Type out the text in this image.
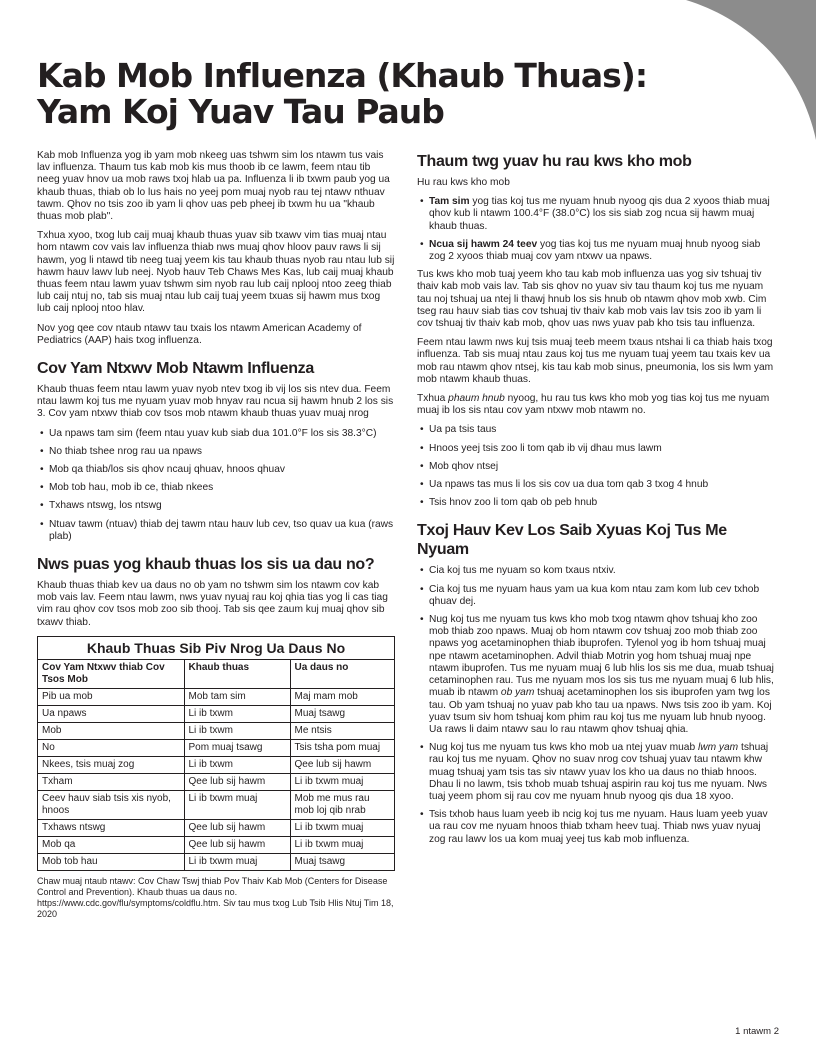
Kab Mob Influenza (Khaub Thuas):
Yam Koj Yuav Tau Paub

Kab mob Influenza yog ib yam mob nkeeg uas tshwm sim los ntawm tus vais lav influenza. Thaum tus kab mob kis mus thoob ib ce lawm, feem ntau tib neeg yuav hnov ua mob raws txoj hlab ua pa. Influenza li ib txwm paub yog ua khaub thuas, thiab ob lo lus hais no yeej pom muaj nyob rau tej ntawv nthuav tawm. Qhov no tsis zoo ib yam li qhov uas peb pheej ib txwm hu ua "khaub thuas mob plab".

Txhua xyoo, txog lub caij muaj khaub thuas yuav sib txawv vim tias muaj ntau hom ntawm cov vais lav influenza thiab nws muaj qhov hloov pauv raws li sij hawm, yog li ntawd tib neeg tuaj yeem kis tau khaub thuas nyob rau ntau lub sij hawm hauv lawv lub neej. Nyob hauv Teb Chaws Mes Kas, lub caij muaj khaub thuas feem ntau lawm yuav tshwm sim nyob rau lub caij nplooj ntoo zeeg thiab lub caij ntuj no, tab sis muaj ntau lub caij tuaj yeem txuas sij hawm mus txog lub caij nplooj ntoo hlav.

Nov yog qee cov ntaub ntawv tau txais los ntawm American Academy of Pediatrics (AAP) hais txog influenza.

Cov Yam Ntxwv Mob Ntawm Influenza

Khaub thuas feem ntau lawm yuav nyob ntev txog ib vij los sis ntev dua. Feem ntau lawm koj tus me nyuam yuav mob hnyav rau ncua sij hawm hnub 2 los sis 3. Cov yam ntxwv thiab cov tsos mob ntawm khaub thuas yuav muaj nrog

• Ua npaws tam sim (feem ntau yuav kub siab dua 101.0°F los sis 38.3°C)
• No thiab tshee nrog rau ua npaws
• Mob qa thiab/los sis qhov ncauj qhuav, hnoos qhuav
• Mob tob hau, mob ib ce, thiab nkees
• Txhaws ntswg, los ntswg
• Ntuav tawm (ntuav) thiab dej tawm ntau hauv lub cev, tso quav ua kua (raws plab)
Nws puas yog khaub thuas los sis ua dau no?

Khaub thuas thiab kev ua daus no ob yam no tshwm sim los ntawm cov kab mob vais lav. Feem ntau lawm, nws yuav nyuaj rau koj qhia tias yog li cas tiag vim rau qhov cov tsos mob zoo sib thooj. Tab sis qee zaum kuj muaj qhov sib txawv thiab.

Khaub Thuas Sib Piv Nrog Ua Daus No
Cov Yam Ntxwv thiab Cov Tsos Mob	Khaub thuas	Ua daus no
Pib ua mob	Mob tam sim	Maj mam mob
Ua npaws	Li ib txwm	Muaj tsawg
Mob	Li ib txwm	Me ntsis
No	Pom muaj tsawg	Tsis tsha pom muaj
Nkees, tsis muaj zog	Li ib txwm	Qee lub sij hawm
Txham	Qee lub sij hawm	Li ib txwm muaj
Ceev hauv siab tsis xis nyob, hnoos	Li ib txwm muaj	Mob me mus rau mob loj qib nrab
Txhaws ntswg	Qee lub sij hawm	Li ib txwm muaj
Mob qa	Qee lub sij hawm	Li ib txwm muaj
Mob tob hau	Li ib txwm muaj	Muaj tsawg
Chaw muaj ntaub ntawv: Cov Chaw Tswj thiab Pov Thaiv Kab Mob (Centers for Disease Control and Prevention). Khaub thuas ua daus no. https://www.cdc.gov/flu/symptoms/coldflu.htm. Siv tau mus txog Lub Tsib Hlis Ntuj Tim 18, 2020
Thaum twg yuav hu rau kws kho mob

Hu rau kws kho mob

• Tam sim yog tias koj tus me nyuam hnub nyoog qis dua 2 xyoos thiab muaj qhov kub li ntawm 100.4°F (38.0°C) los sis siab zog ncua sij hawm muaj khaub thuas.
• Ncua sij hawm 24 teev yog tias koj tus me nyuam muaj hnub nyoog siab zog 2 xyoos thiab muaj cov yam ntxwv ua npaws.

Tus kws kho mob tuaj yeem kho tau kab mob influenza uas yog siv tshuaj tiv thaiv kab mob vais lav. Tab sis qhov no yuav siv tau thaum koj tus me nyuam tau noj tshuaj ua ntej li thawj hnub los sis hnub ob ntawm qhov mob xwb. Cim tseg rau hauv siab tias cov tshuaj tiv thaiv kab mob vais lav tsis zoo ib yam li cov tshuaj tiv thaiv kab mob, qhov uas nws yuav pab kho tsis tau influenza.

Feem ntau lawm nws kuj tsis muaj teeb meem txaus ntshai li ca thiab hais txog influenza. Tab sis muaj ntau zaus koj tus me nyuam tuaj yeem tau txais kev ua mob rau ntawm qhov ntsej, kis tau kab mob sinus, pneumonia, los sis lwm yam mob ntawm khaub thuas.

Txhua phaum hnub nyoog, hu rau tus kws kho mob yog tias koj tus me nyuam muaj ib los sis ntau cov yam ntxwv mob ntawm no.

• Ua pa tsis taus
• Hnoos yeej tsis zoo li tom qab ib vij dhau mus lawm
• Mob qhov ntsej
• Ua npaws tas mus li los sis cov ua dua tom qab 3 txog 4 hnub
• Tsis hnov zoo li tom qab ob peb hnub
Txoj Hauv Kev Los Saib Xyuas Koj Tus Me Nyuam
• Cia koj tus me nyuam so kom txaus ntxiv.
• Cia koj tus me nyuam haus yam ua kua kom ntau zam kom lub cev txhob qhuav dej.
• Nug koj tus me nyuam tus kws kho mob txog ntawm qhov tshuaj kho zoo mob thiab zoo npaws. Muaj ob hom ntawm cov tshuaj zoo mob thiab zoo npaws yog acetaminophen thiab ibuprofen. Tylenol yog ib hom tshuaj muaj npe ntawm acetaminophen. Advil thiab Motrin yog hom tshuaj muaj npe ntawm ibuprofen. Tus me nyuam muaj 6 lub hlis los sis me dua, muab tshuaj cetaminophen rau. Tus me nyuam mos los sis tus me nyuam muaj 6 lub hlis, muab ib ntawm ob yam tshuaj acetaminophen los sis ibuprofen yam twg los tau. Ob yam tshuaj no yuav pab kho tau ua npaws. Nws tsis zoo ib yam. Koj yuav tsum siv hom tshuaj kom phim rau koj tus me nyuam lub hnub nyoog. Ua raws li daim ntawv sau lo rau ntawm qhov tshuaj qhia.
• Nug koj tus me nyuam tus kws kho mob ua ntej yuav muab lwm yam tshuaj rau koj tus me nyuam. Qhov no suav nrog cov tshuaj yuav tau ntawm khw muag tshuaj yam tsis tas siv ntawv yuav los kho ua daus no thiab hnoos. Dhau li no lawm, tsis txhob muab tshuaj aspirin rau koj tus me nyuam. Nws tuaj yeem phom sij rau cov me nyuam hnub nyoog qis dua 18 xyoo.
• Tsis txhob haus luam yeeb ib ncig koj tus me nyuam. Haus luam yeeb yuav ua rau cov me nyuam hnoos thiab txham heev tuaj. Thiab nws yuav nyuaj zog rau lawv los ua kom muaj yeej tus kab mob influenza.
1 ntawm 2
